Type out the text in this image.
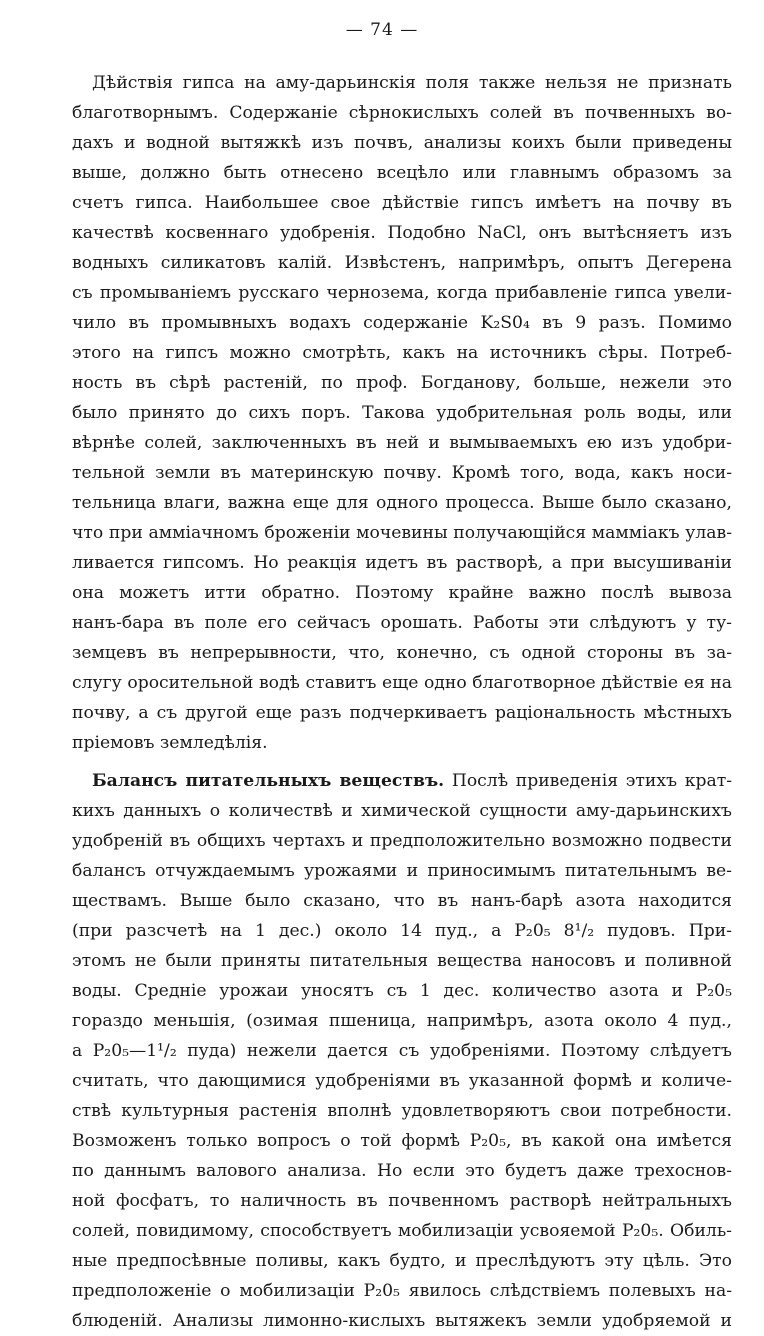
— 74 —
Дѣйствія гипса на аму-дарьинскія поля также нельзя не признать
благотворнымъ. Содержаніе сѣрнокислыхъ солей въ почвенныхъ во-
дахъ и водной вытяжкѣ изъ почвъ, анализы коихъ были приведены
выше, должно быть отнесено всецѣло или главнымъ образомъ за
счетъ гипса. Наибольшее свое дѣйствіе гипсъ имѣетъ на почву въ
качествѣ косвеннаго удобренія. Подобно NaCl, онъ вытѣсняетъ изъ
водныхъ силикатовъ калій. Извѣстенъ, напримѣръ, опытъ Дегерена
съ промываніемъ русскаго чернозема, когда прибавленіе гипса увели-
чило въ промывныхъ водахъ содержаніе K₂S0₄ въ 9 разъ. Помимо
этого на гипсъ можно смотрѣть, какъ на источникъ сѣры. Потреб-
ность въ сѣрѣ растеній, по проф. Богданову, больше, нежели это
было принято до сихъ поръ. Такова удобрительная роль воды, или
вѣрнѣе солей, заключенныхъ въ ней и вымываемыхъ ею изъ удобри-
тельной земли въ материнскую почву. Кромѣ того, вода, какъ носи-
тельница влаги, важна еще для одного процесса. Выше было сказано,
что при аммiачномъ броженіи мочевины получающійся мамміакъ улав-
ливается гипсомъ. Но реакція идетъ въ растворѣ, а при высушиваніи
она можетъ итти обратно. Поэтому крайне важно послѣ вывоза
нанъ-бара въ поле его сейчасъ орошать. Работы эти слѣдуютъ у ту-
земцевъ въ непрерывности, что, конечно, съ одной стороны въ за-
слугу оросительной водѣ ставитъ еще одно благотворное дѣйствіе ея на
почву, а съ другой еще разъ подчеркиваетъ раціональность мѣстныхъ
пріемовъ земледѣлія.
Балансъ питательныхъ веществъ. Послѣ приведенія этихъ крат-
кихъ данныхъ о количествѣ и химической сущности аму-дарьинскихъ
удобреній въ общихъ чертахъ и предположительно возможно подвести
балансъ отчуждаемымъ урожаями и приносимымъ питательнымъ ве-
ществамъ. Выше было сказано, что въ нанъ-барѣ азота находится
(при разсчетѣ на 1 дес.) около 14 пуд., а P₂0₅ 8¹/₂ пудовъ. При-
этомъ не были приняты питательныя вещества наносовъ и поливной
воды. Средніе урожаи уносятъ съ 1 дес. количество азота и P₂0₅
гораздо меньшія, (озимая пшеница, напримѣръ, азота около 4 пуд.,
а P₂0₅—1¹/₂ пуда) нежели дается съ удобреніями. Поэтому слѣдуетъ
считать, что дающимися удобреніями въ указанной формѣ и количе-
ствѣ культурныя растенія вполнѣ удовлетворяютъ свои потребности.
Возможенъ только вопросъ о той формѣ P₂0₅, въ какой она имѣется
по даннымъ валового анализа. Но если это будетъ даже трехоснов-
ной фосфатъ, то наличность въ почвенномъ растворѣ нейтральныхъ
солей, повидимому, способствуетъ мобилизаціи усвояемой P₂0₅. Обиль-
ные предпосѣвные поливы, какъ будто, и преслѣдуютъ эту цѣль. Это
предположеніе о мобилизаціи P₂0₅ явилось слѣдствіемъ полевыхъ на-
блюденій. Анализы лимонно-кислыхъ вытяжекъ земли удобряемой и
